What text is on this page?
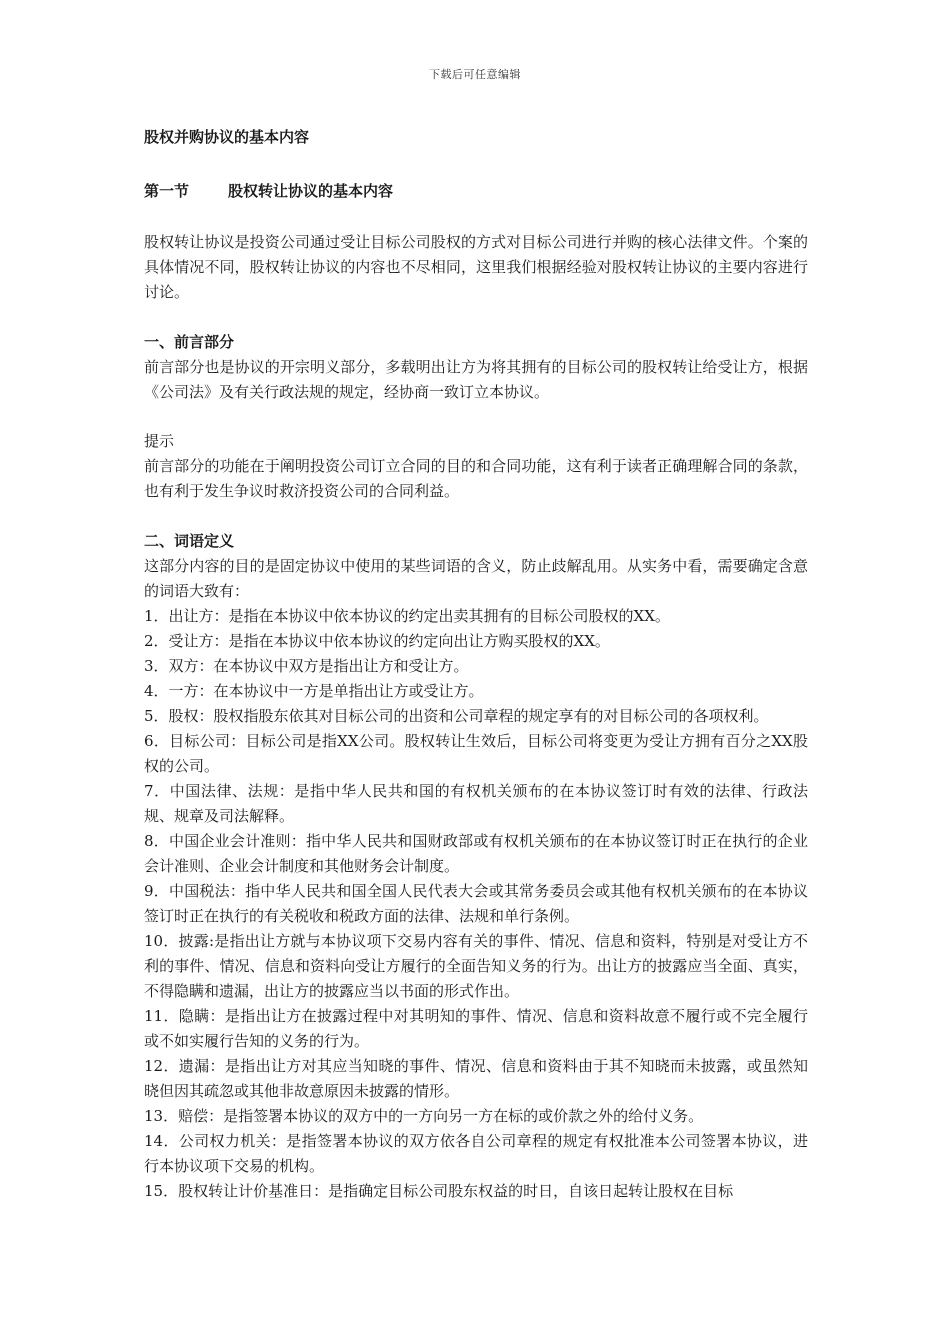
下载后可任意编辑
股权并购协议的基本内容
第一节	股权转让协议的基本内容

股权转让协议是投资公司通过受让目标公司股权的方式对目标公司进行并购的核心法律文件。个案的具体情况不同，股权转让协议的内容也不尽相同，这里我们根据经验对股权转让协议的主要内容进行讨论。

一、前言部分

前言部分也是协议的开宗明义部分，多载明出让方为将其拥有的目标公司的股权转让给受让方，根据《公司法》及有关行政法规的规定，经协商一致订立本协议。

提示

前言部分的功能在于阐明投资公司订立合同的目的和合同功能，这有利于读者正确理解合同的条款，也有利于发生争议时救济投资公司的合同利益。

二、词语定义

这部分内容的目的是固定协议中使用的某些词语的含义，防止歧解乱用。从实务中看，需要确定含意的词语大致有：

1．出让方：是指在本协议中依本协议的约定出卖其拥有的目标公司股权的XX。
2．受让方：是指在本协议中依本协议的约定向出让方购买股权的XX。
3．双方：在本协议中双方是指出让方和受让方。
4．一方：在本协议中一方是单指出让方或受让方。
5．股权：股权指股东依其对目标公司的出资和公司章程的规定享有的对目标公司的各项权利。
6．目标公司：目标公司是指XX公司。股权转让生效后，目标公司将变更为受让方拥有百分之XX股权的公司。
7．中国法律、法规：是指中华人民共和国的有权机关颁布的在本协议签订时有效的法律、行政法规、规章及司法解释。
8．中国企业会计准则：指中华人民共和国财政部或有权机关颁布的在本协议签订时正在执行的企业会计准则、企业会计制度和其他财务会计制度。
9．中国税法：指中华人民共和国全国人民代表大会或其常务委员会或其他有权机关颁布的在本协议签订时正在执行的有关税收和税政方面的法律、法规和单行条例。
10．披露:是指出让方就与本协议项下交易内容有关的事件、情况、信息和资料，特别是对受让方不利的事件、情况、信息和资料向受让方履行的全面告知义务的行为。出让方的披露应当全面、真实，不得隐瞒和遗漏，出让方的披露应当以书面的形式作出。
11．隐瞒：是指出让方在披露过程中对其明知的事件、情况、信息和资料故意不履行或不完全履行或不如实履行告知的义务的行为。
12．遗漏：是指出让方对其应当知晓的事件、情况、信息和资料由于其不知晓而未披露，或虽然知晓但因其疏忽或其他非故意原因未披露的情形。
13．赔偿：是指签署本协议的双方中的一方向另一方在标的或价款之外的给付义务。
14．公司权力机关：是指签署本协议的双方依各自公司章程的规定有权批准本公司签署本协议，进行本协议项下交易的机构。
15．股权转让计价基准日：是指确定目标公司股东权益的时日，自该日起转让股权在目标
